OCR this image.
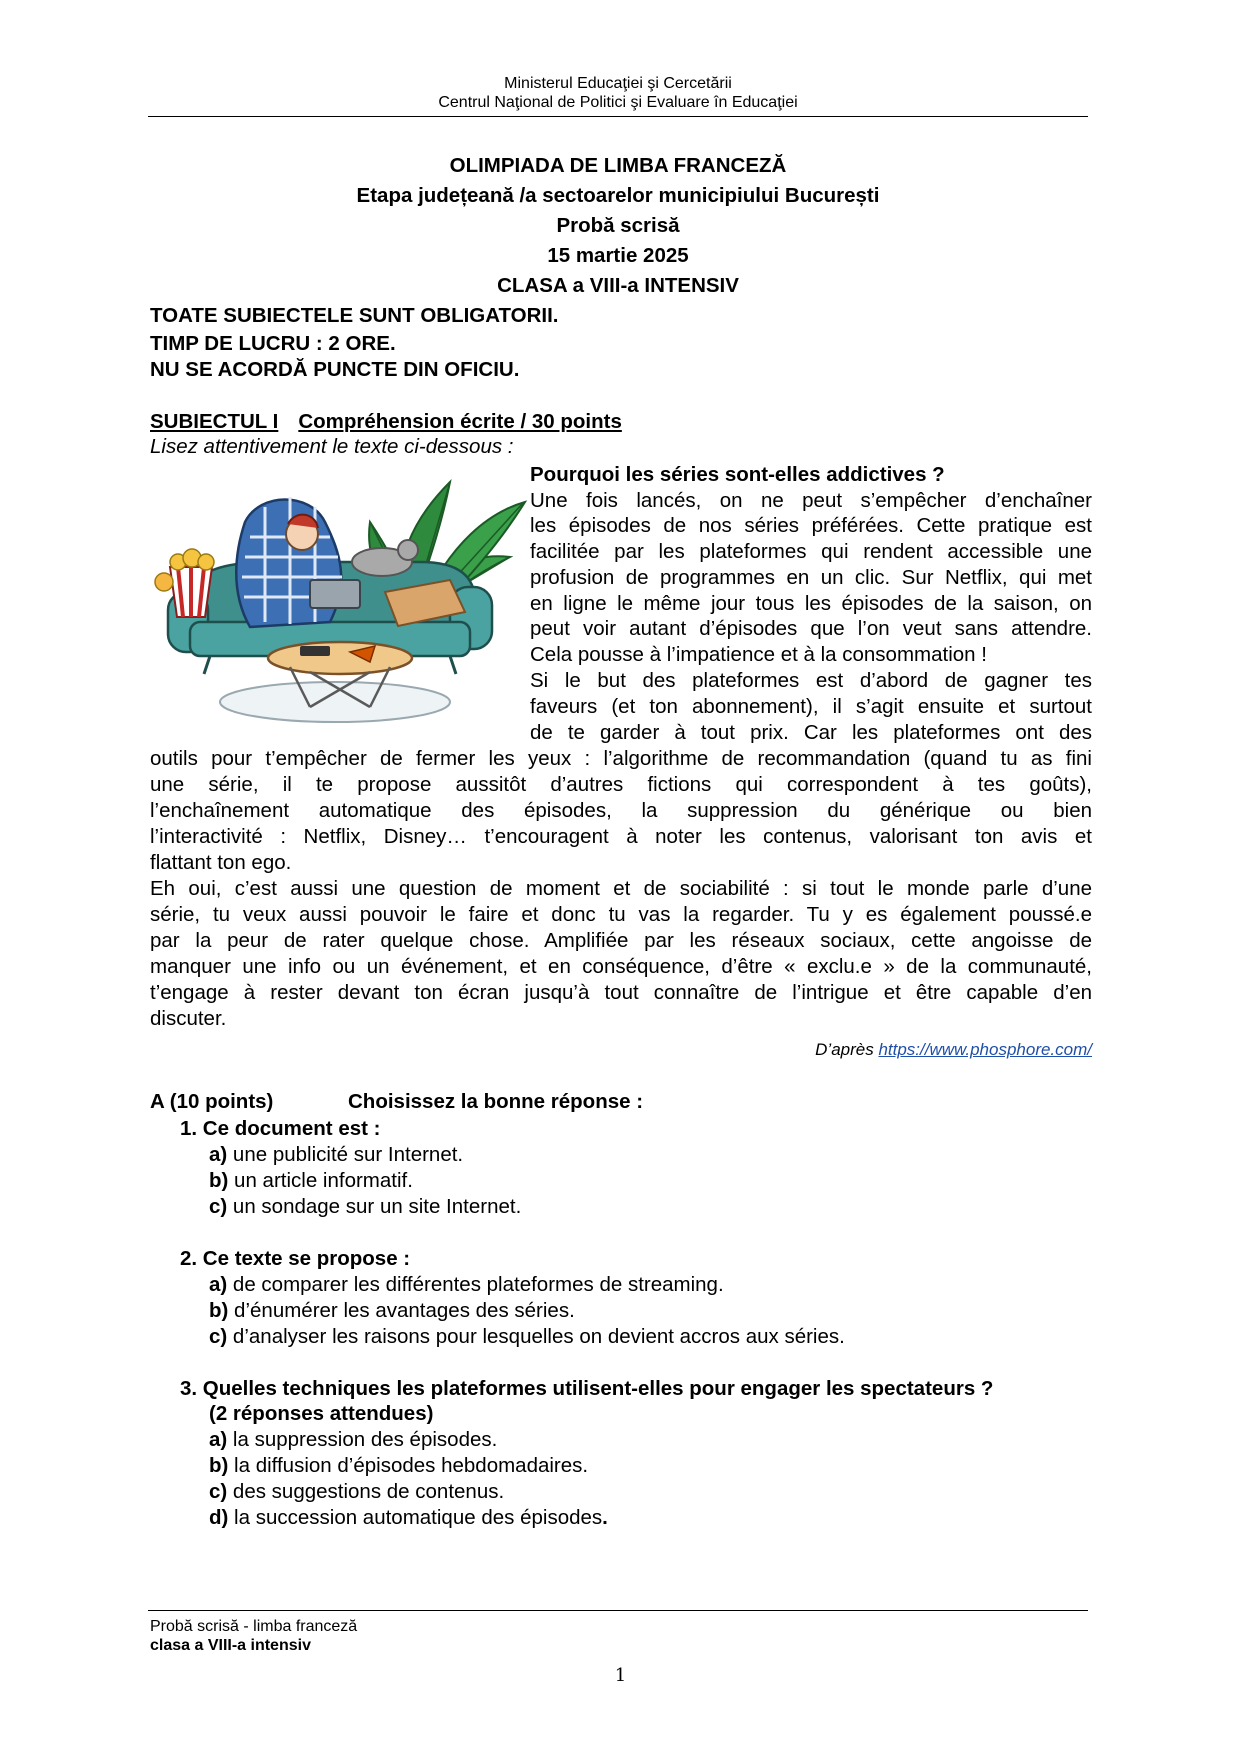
Ministerul Educaţiei şi Cercetării
Centrul Naţional de Politici şi Evaluare în Educaţiei
OLIMPIADA DE LIMBA FRANCEZĂ
Etapa județeană /a sectoarelor municipiului București
Probă scrisă
15 martie 2025
CLASA a VIII-a INTENSIV
TOATE SUBIECTELE SUNT OBLIGATORII.
TIMP DE LUCRU : 2 ORE.
NU SE ACORDĂ PUNCTE DIN OFICIU.
SUBIECTUL I Compréhension écrite / 30 points
Lisez attentivement le texte ci-dessous :
Pourquoi les séries sont-elles addictives ?
Une fois lancés, on ne peut s’empêcher d’enchaîner
les épisodes de nos séries préférées. Cette pratique est
facilitée par les plateformes qui rendent accessible une
profusion de programmes en un clic. Sur Netflix, qui met
en ligne le même jour tous les épisodes de la saison, on
peut voir autant d’épisodes que l’on veut sans attendre.
Cela pousse à l’impatience et à la consommation !
Si le but des plateformes est d’abord de gagner tes
faveurs (et ton abonnement), il s’agit ensuite et surtout
de te garder à tout prix. Car les plateformes ont des
outils pour t’empêcher de fermer les yeux : l’algorithme de recommandation (quand tu as fini
une série, il te propose aussitôt d’autres fictions qui correspondent à tes goûts),
l’enchaînement automatique des épisodes, la suppression du générique ou bien
l’interactivité : Netflix, Disney… t’encouragent à noter les contenus, valorisant ton avis et
flattant ton ego.
Eh oui, c’est aussi une question de moment et de sociabilité : si tout le monde parle d’une
série, tu veux aussi pouvoir le faire et donc tu vas la regarder. Tu y es également poussé.e
par la peur de rater quelque chose. Amplifiée par les réseaux sociaux, cette angoisse de
manquer une info ou un événement, et en conséquence, d’être « exclu.e » de la communauté,
t’engage à rester devant ton écran jusqu’à tout connaître de l’intrigue et être capable d’en
discuter.
D’après https://www.phosphore.com/
A (10 points)	Choisissez la bonne réponse :
1. Ce document est :
a) une publicité sur Internet.
b) un article informatif.
c) un sondage sur un site Internet.
2. Ce texte se propose :
a) de comparer les différentes plateformes de streaming.
b) d’énumérer les avantages des séries.
c) d’analyser les raisons pour lesquelles on devient accros aux séries.
3. Quelles techniques les plateformes utilisent-elles pour engager les spectateurs ?
(2 réponses attendues)
a) la suppression des épisodes.
b) la diffusion d’épisodes hebdomadaires.
c) des suggestions de contenus.
d) la succession automatique des épisodes.
Probă scrisă - limba franceză
clasa a VIII-a intensiv
1
